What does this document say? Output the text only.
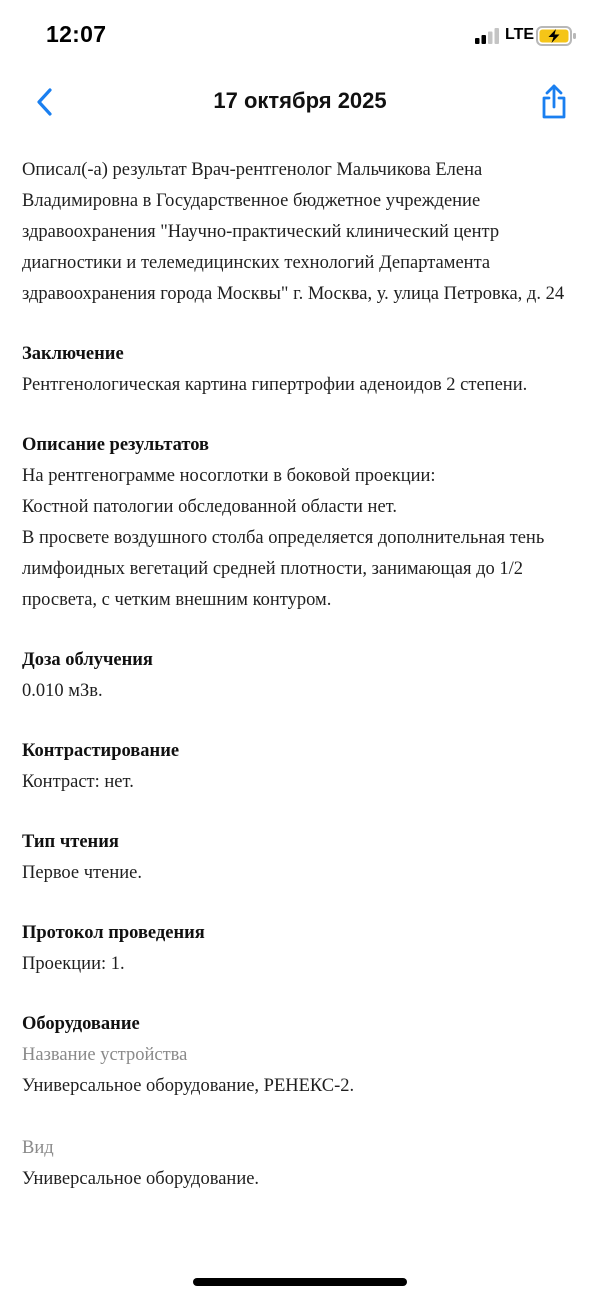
12:07	LTE
17 октября 2025

Описал(-а) результат Врач-рентгенолог Мальчикова Елена Владимировна в Государственное бюджетное учреждение здравоохранения "Научно-практический клинический центр диагностики и телемедицинских технологий Департамента здравоохранения города Москвы" г. Москва, у. улица Петровка, д. 24

Заключение

Рентгенологическая картина гипертрофии аденоидов 2 степени.

Описание результатов

На рентгенограмме носоглотки в боковой проекции:

Костной патологии обследованной области нет.

В просвете воздушного столба определяется дополнительная тень лимфоидных вегетаций средней плотности, занимающая до 1/2 просвета, с четким внешним контуром.

Доза облучения

0.010 мЗв.

Контрастирование

Контраст: нет.

Тип чтения

Первое чтение.

Протокол проведения

Проекции: 1.

Оборудование

Название устройства

Универсальное оборудование, РЕНЕКС-2.

Вид

Универсальное оборудование.
